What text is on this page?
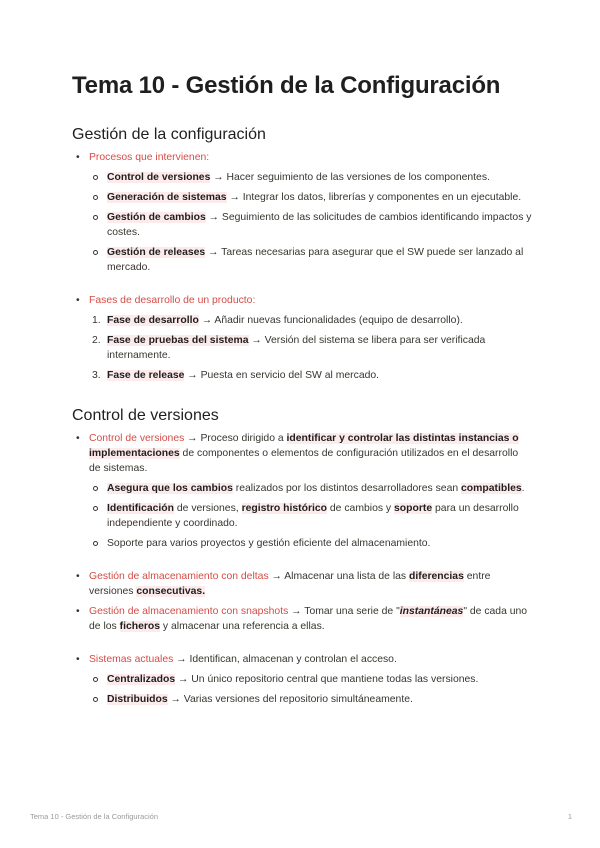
Tema 10 - Gestión de la Configuración
Gestión de la configuración
• Procesos que intervienen:
Control de versiones → Hacer seguimiento de las versiones de los componentes.
Generación de sistemas → Integrar los datos, librerías y componentes en un ejecutable.
Gestión de cambios → Seguimiento de las solicitudes de cambios identificando impactos y costes.
Gestión de releases → Tareas necesarias para asegurar que el SW puede ser lanzado al mercado.
• Fases de desarrollo de un producto:
1. Fase de desarrollo → Añadir nuevas funcionalidades (equipo de desarrollo).
2. Fase de pruebas del sistema → Versión del sistema se libera para ser verificada internamente.
3. Fase de release → Puesta en servicio del SW al mercado.
Control de versiones
• Control de versiones → Proceso dirigido a identificar y controlar las distintas instancias o implementaciones de componentes o elementos de configuración utilizados en el desarrollo de sistemas.
Asegura que los cambios realizados por los distintos desarrolladores sean compatibles.
Identificación de versiones, registro histórico de cambios y soporte para un desarrollo independiente y coordinado.
Soporte para varios proyectos y gestión eficiente del almacenamiento.
• Gestión de almacenamiento con deltas → Almacenar una lista de las diferencias entre versiones consecutivas.
• Gestión de almacenamiento con snapshots → Tomar una serie de "instantáneas" de cada uno de los ficheros y almacenar una referencia a ellas.
• Sistemas actuales → Identifican, almacenan y controlan el acceso.
Centralizados → Un único repositorio central que mantiene todas las versiones.
Distribuidos → Varias versiones del repositorio simultáneamente.
Tema 10 - Gestión de la Configuración	1
